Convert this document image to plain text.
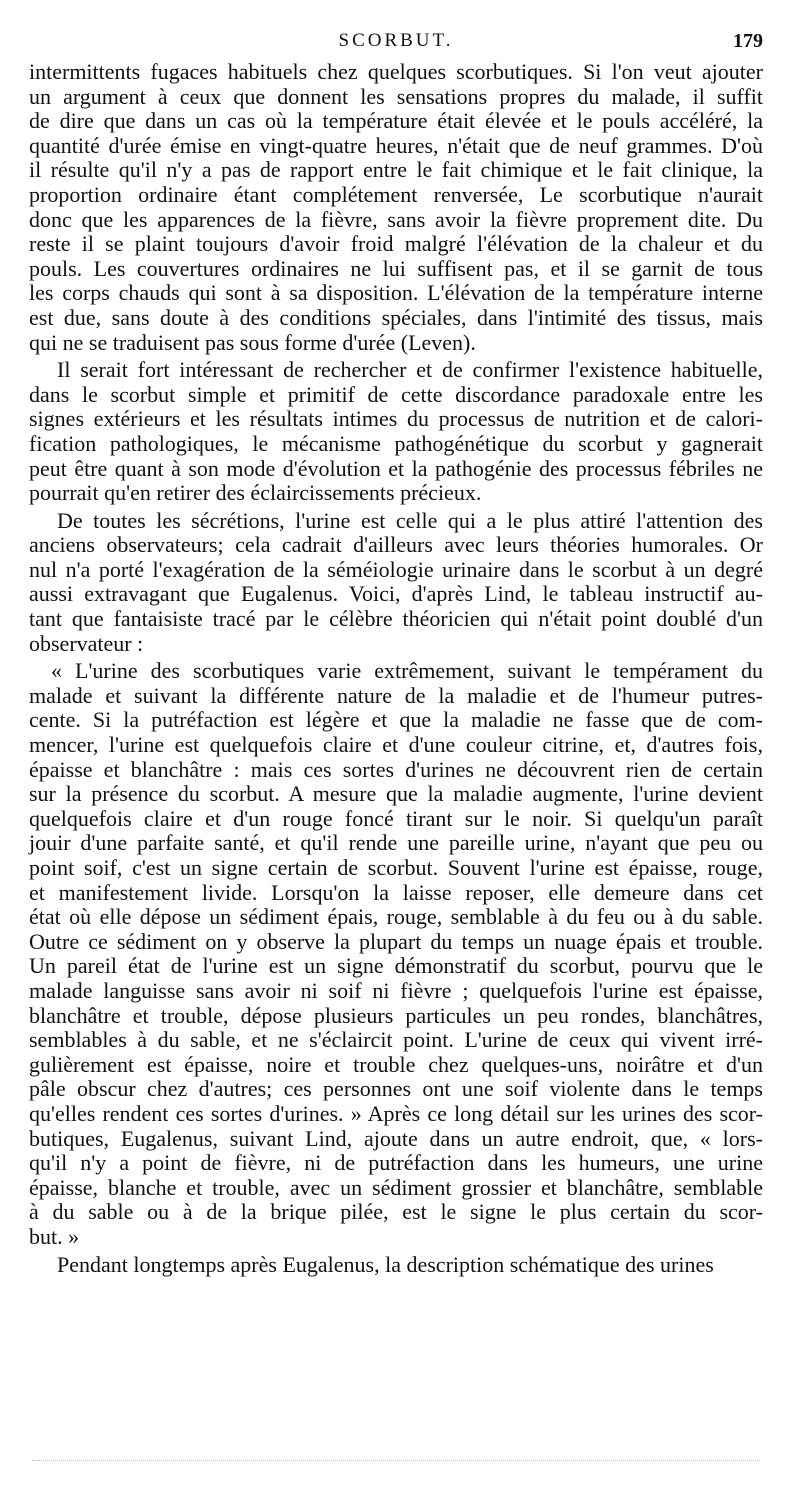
SCORBUT.	179

intermittents fugaces habituels chez quelques scorbutiques. Si l'on veut ajouter
un argument à ceux que donnent les sensations propres du malade, il suffit
de dire que dans un cas où la température était élevée et le pouls accéléré, la
quantité d'urée émise en vingt-quatre heures, n'était que de neuf grammes. D'où
il résulte qu'il n'y a pas de rapport entre le fait chimique et le fait clinique, la
proportion ordinaire étant complétement renversée, Le scorbutique n'aurait
donc que les apparences de la fièvre, sans avoir la fièvre proprement dite. Du
reste il se plaint toujours d'avoir froid malgré l'élévation de la chaleur et du
pouls. Les couvertures ordinaires ne lui suffisent pas, et il se garnit de tous
les corps chauds qui sont à sa disposition. L'élévation de la température interne
est due, sans doute à des conditions spéciales, dans l'intimité des tissus, mais
qui ne se traduisent pas sous forme d'urée (Leven).

Il serait fort intéressant de rechercher et de confirmer l'existence habituelle,
dans le scorbut simple et primitif de cette discordance paradoxale entre les
signes extérieurs et les résultats intimes du processus de nutrition et de calori-
fication pathologiques, le mécanisme pathogénétique du scorbut y gagnerait
peut être quant à son mode d'évolution et la pathogénie des processus fébriles ne
pourrait qu'en retirer des éclaircissements précieux.

De toutes les sécrétions, l'urine est celle qui a le plus attiré l'attention des
anciens observateurs; cela cadrait d'ailleurs avec leurs théories humorales. Or
nul n'a porté l'exagération de la séméiologie urinaire dans le scorbut à un degré
aussi extravagant que Eugalenus. Voici, d'après Lind, le tableau instructif au-
tant que fantaisiste tracé par le célèbre théoricien qui n'était point doublé d'un
observateur :

« L'urine des scorbutiques varie extrêmement, suivant le tempérament du
malade et suivant la différente nature de la maladie et de l'humeur putres-
cente. Si la putréfaction est légère et que la maladie ne fasse que de com-
mencer, l'urine est quelquefois claire et d'une couleur citrine, et, d'autres fois,
épaisse et blanchâtre : mais ces sortes d'urines ne découvrent rien de certain
sur la présence du scorbut. A mesure que la maladie augmente, l'urine devient
quelquefois claire et d'un rouge foncé tirant sur le noir. Si quelqu'un paraît
jouir d'une parfaite santé, et qu'il rende une pareille urine, n'ayant que peu ou
point soif, c'est un signe certain de scorbut. Souvent l'urine est épaisse, rouge,
et manifestement livide. Lorsqu'on la laisse reposer, elle demeure dans cet
état où elle dépose un sédiment épais, rouge, semblable à du feu ou à du sable.
Outre ce sédiment on y observe la plupart du temps un nuage épais et trouble.
Un pareil état de l'urine est un signe démonstratif du scorbut, pourvu que le
malade languisse sans avoir ni soif ni fièvre ; quelquefois l'urine est épaisse,
blanchâtre et trouble, dépose plusieurs particules un peu rondes, blanchâtres,
semblables à du sable, et ne s'éclaircit point. L'urine de ceux qui vivent irré-
gulièrement est épaisse, noire et trouble chez quelques-uns, noirâtre et d'un
pâle obscur chez d'autres; ces personnes ont une soif violente dans le temps
qu'elles rendent ces sortes d'urines. » Après ce long détail sur les urines des scor-
butiques, Eugalenus, suivant Lind, ajoute dans un autre endroit, que, « lors-
qu'il n'y a point de fièvre, ni de putréfaction dans les humeurs, une urine
épaisse, blanche et trouble, avec un sédiment grossier et blanchâtre, semblable
à du sable ou à de la brique pilée, est le signe le plus certain du scor-
but. »

Pendant longtemps après Eugalenus, la description schématique des urines
